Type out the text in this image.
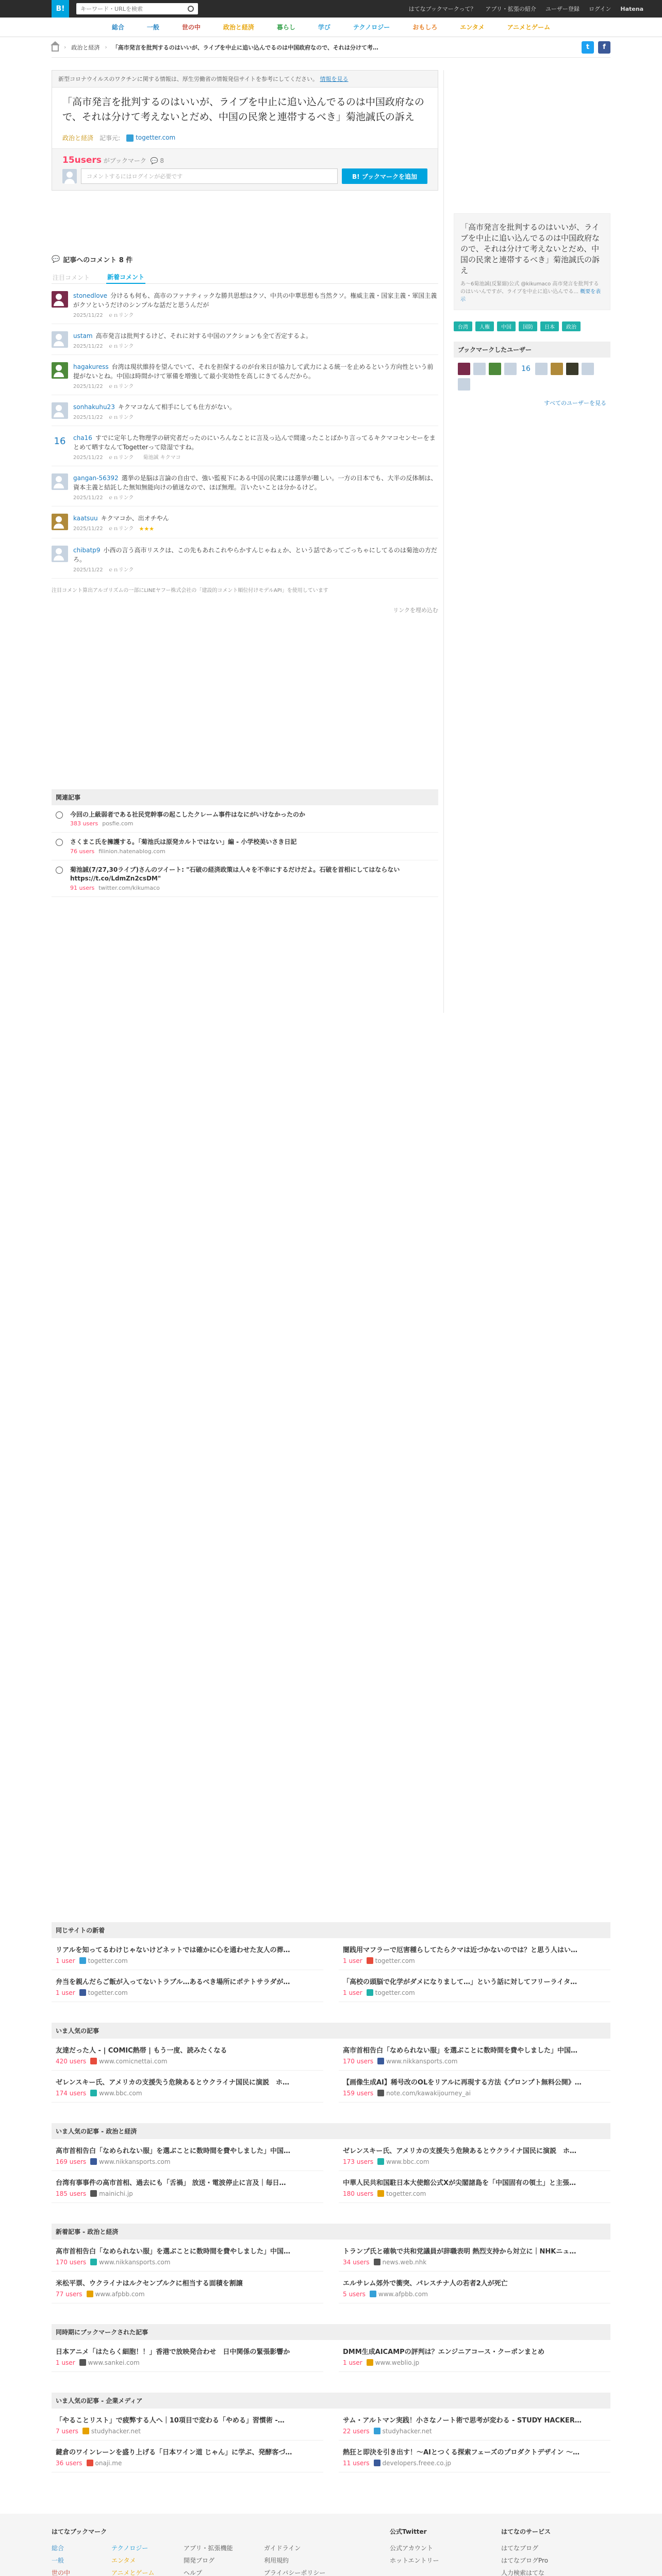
B!
キーワード・URLを検索	はてなブックマークって？ アプリ・拡張の紹介 ユーザー登録 ログイン Hatena
総合	一般	世の中	政治と経済	暮らし	学び	テクノロジー	おもしろ	エンタメ	アニメとゲーム
› 政治と経済 › 「高市発言を批判するのはいいが、ライブを中止に追い込んでるのは中国政府なので、それは分けて考…	t	f
新型コロナウイルスのワクチンに関する情報は、厚生労働省の情報発信サイトを参考にしてください。 情報を見る
「高市発言を批判するのはいいが、ライブを中止に追い込んでるのは中国政府なので、それは分けて考えないとだめ、中国の民衆と連帯するべき」菊池誠氏の訴え
政治と経済 記事元:	togetter.com
15users がブックマーク 💬 8
コメントするにはログインが必要です	B! ブックマークを追加
💬 記事へのコメント 8 件
注目コメント	新着コメント
stonedlove 分けるも何も、高市のファナティックな勝共思想はクソ、中共の中華思想も当然クソ。権威主義・国家主義・軍国主義がクソというだけのシンプルな話だと思うんだが
2025/11/22 ｅｎリンク
ustam 高市発言は批判するけど、それに対する中国のアクションも全て否定するよ。
2025/11/22 ｅｎリンク
hagakuress 台湾は現状維持を望んでいて、それを担保するのが台米日が協力して武力による統一を止めるという方向性という前提がないとね。中国は時間かけて軍備を増強して最小実効性を高しにきてるんだから。
2025/11/22 ｅｎリンク
sonhakuhu23 キクマコなんて相手にしても仕方がない。
2025/11/22 ｅｎリンク
16	cha16 すでに定年した物理学の研究者だったのにいろんなことに言及っ込んで間違ったことばかり言ってるキクマコセンセーをまとめて晒すなんてTogetterって陰湿ですね。
2025/11/22 ｅｎリンク 菊池誠 キクマコ
gangan-56392 選挙の是脳は言論の自由で、強い監視下にある中国の民衆には選挙が難しい。一方の日本でも、大半の反体制は、資本主義と結託した無知無能向けの値迷なので、ほぼ無理。言いたいことは分かるけど。
2025/11/22 ｅｎリンク
kaatsuu キクマコか、出オチやん
2025/11/22 ｅｎリンク ★★★
chibatp9 小西の言う高市リスクは、この先もあれこれやらかすんじゃねぇか、という話であってごっちゃにしてるのは菊池の方だろ。
2025/11/22 ｅｎリンク
注目コメント算出アルゴリズムの一部にLINEヤフー株式会社の「建設的コメント順位付けモデルAPI」を使用しています
リンクを埋め込む
関連記事
今回の上級弱者である社民党幹事の起こしたクレーム事件はなにがいけなかったのか
383 users posfie.com
さくまこ氏を擁護する。「菊池氏は原発カルトではない」編 - 小学校美いさき日記
76 users filinion.hatenablog.com
菊池誠(7/27,30ライブ)さんのツイート: "石破の経済政策は人々を不幸にするだけだよ。石破を首相にしてはならない https://t.co/LdmZn2csDM"
91 users twitter.com/kikumaco
「高市発言を批判するのはいいが、ライブを中止に追い込んでるのは中国政府なので、それは分けて考えないとだめ、中国の民衆と連帯するべき」菊池誠氏の訴え
あ～6菊池誠(反緊縮)公式 @kikumaco 高市発言を批判するのはいいんですが、ライブを中止に追い込んでる... 概要を表示
台湾	人権	中国	国防	日本	政治
ブックマークしたユーザー
16
すべてのユーザーを見る
同じサイトの新着
リアルを知ってるわけじゃないけどネットでは確かに心を通わせた友人の葬…
1 user togetter.com
闇践用マフラーで厄害種らしてたらクマは近づかないのでは？と思う人はい…
1 user togetter.com
弁当を親んだらご飯が入ってないトラブル…あるべき場所にポテトサラダが…
1 user togetter.com
「高校の頭脳で化学がダメになりまして…」という話に対してフリーライタ…
1 user togetter.com
いま人気の記事
友達だった人 - | COMIC熱帯 | もう一度、読みたくなる
420 users www.comicnettai.com
高市首相告白「なめられない服」を選ぶことに数時間を費やしました」中国…
170 users www.nikkansports.com
ゼレンスキー氏、アメリカの支援失う危険あるとウクライナ国民に演説　ホ…
174 users www.bbc.com
【画像生成AI】稀号改のOLをリアルに再現する方法《プロンプト無料公開》…
159 users note.com/kawakijourney_ai
いま人気の記事 - 政治と経済
高市首相告白「なめられない服」を選ぶことに数時間を費やしました」中国…
169 users www.nikkansports.com
ゼレンスキー氏、アメリカの支援失う危険あるとウクライナ国民に演説　ホ…
173 users www.bbc.com
台湾有事事件の高市首相、過去にも「舌禍」 放送・電波停止に言及｜毎日…
185 users mainichi.jp
中華人民共和国駐日本大使館公式Xが尖閣諸島を「中国固有の領土」と主張…
180 users togetter.com
新着記事 - 政治と経済
高市首相告白「なめられない服」を選ぶことに数時間を費やしました」中国…
170 users www.nikkansports.com
トランプ氏と確執で共和党議員が辞職表明 熱烈支持から対立に｜NHKニュ…
34 users news.web.nhk
米松平票、ウクライナはルクセンブルクに相当する面積を割譲
77 users www.afpbb.com
エルサレム郊外で衝突、パレスチナ人の若者2人が死亡
5 users www.afpbb.com
同時期にブックマークされた記事
日本アニメ「はたらく細胞！！」香港で放映発合わせ　日中関係の緊張影響か
1 user www.sankei.com
DMM生成AICAMPの評判は？エンジニアコース・クーポンまとめ
1 user www.weblio.jp
いま人気の記事 - 企業メディア
「やることリスト」で疲弊する人へ｜10項目で変わる「やめる」習慣術 -…
7 users studyhacker.net
サム・アルトマン実践！小さなノート術で思考が変わる - STUDY HACKER…
22 users studyhacker.net
鍵倉のワインレーンを盛り上げる「日本ワイン道 じゃん」に学ぶ、発酵客づ…
36 users onaji.me
熱狂と即決を引き出す！〜AIとつくる探索フェーズのプロダクトデザイン 〜…
11 users developers.freee.co.jp
はてなブックマーク
総合
一般
世の中
テクノロジー
エンタメ
アニメとゲーム
アプリ・拡張機能
開発ブログ
ヘルプ
ガイドライン
利用規約
プライバシーポリシー
公式Twitter
公式アカウント
ホットエントリー
はてなのサービス
はてなブログ
はてなブログPro
人力検索はてな
